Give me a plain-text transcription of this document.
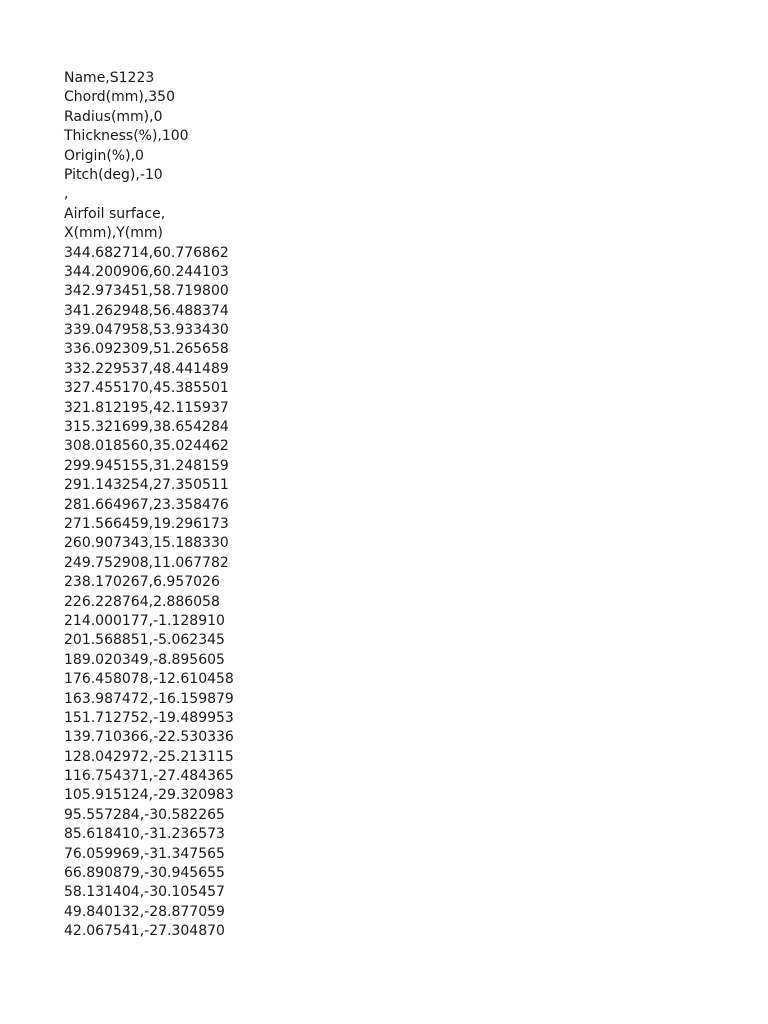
Name,S1223
Chord(mm),350
Radius(mm),0
Thickness(%),100
Origin(%),0
Pitch(deg),-10
,
Airfoil surface,
X(mm),Y(mm)
344.682714,60.776862
344.200906,60.244103
342.973451,58.719800
341.262948,56.488374
339.047958,53.933430
336.092309,51.265658
332.229537,48.441489
327.455170,45.385501
321.812195,42.115937
315.321699,38.654284
308.018560,35.024462
299.945155,31.248159
291.143254,27.350511
281.664967,23.358476
271.566459,19.296173
260.907343,15.188330
249.752908,11.067782
238.170267,6.957026
226.228764,2.886058
214.000177,-1.128910
201.568851,-5.062345
189.020349,-8.895605
176.458078,-12.610458
163.987472,-16.159879
151.712752,-19.489953
139.710366,-22.530336
128.042972,-25.213115
116.754371,-27.484365
105.915124,-29.320983
95.557284,-30.582265
85.618410,-31.236573
76.059969,-31.347565
66.890879,-30.945655
58.131404,-30.105457
49.840132,-28.877059
42.067541,-27.304870
